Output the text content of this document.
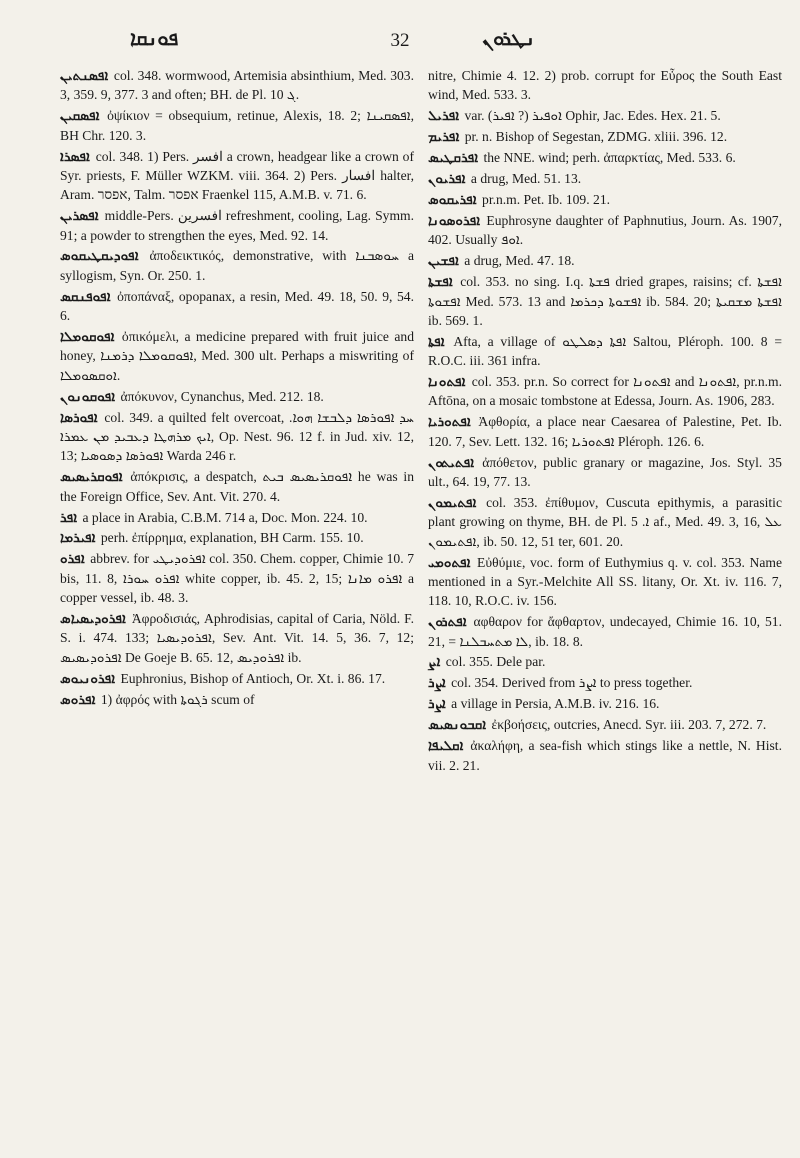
ܦܘܢܩܐ	32	ܢܛܪܘܢ

ܐܦܣܢܬܝܢ col. 348. wormwood, Artemisia absinthium, Med. 303. 3, 359. 9, 377. 3 and often; BH. de Pl. ܓ 10.

ܐܦܣܩܝܢ ὀψίκιον = obsequium, retinue, Alexis, 18. 2; ܐܦܣܩܝܢܐ, BH Chr. 120. 3.

ܐܦܣܪܐ col. 348. 1) Pers. افسر a crown, headgear like a crown of Syr. priests, F. Müller WZKM. viii. 364. 2) Pers. افسار halter, Aram. אפסר, Talm. אפסר Fraenkel 115, A.M.B. v. 71. 6.

ܐܦܣܪܝܢ middle-Pers. افسرين refreshment, cooling, Lag. Symm. 91; a powder to strengthen the eyes, Med. 92. 14.

ܐܦܘܕܝܩܛܝܩܘܣ ἀποδεικτικός, demonstrative, with ܚܘܣܒܢܐ a syllogism, Syn. Or. 250. 1.

ܐܦܘܦܢܩܣ ὀποπάναξ, opopanax, a resin, Med. 49. 18, 50. 9, 54. 6.

ܐܦܘܩܘܡܠܐ ὀπικόμελι, a medicine prepared with fruit juice and honey, ܐܦܘܩܘܡܠܐ ܕܪܡܢܐ, Med. 300 ult. Perhaps a miswriting of ܐܘܩܣܘܡܠܐ.

ܐܦܘܩܘܢܘܢ ἀπόκυνον, Cynanchus, Med. 212. 18.

ܐܦܘܪܣܐ col. 349. a quilted felt overcoat, .ܚܕ ܐܦܘܪܣܐ ܕܠܒܫܐ ܗܘܐ ܐܝܟ ܡܪܗܛܐ ܕܥܒܝܕ ܡܢ ܥܡܪܐ, Op. Nest. 96. 12 f. in Jud. xiv. 12, 13; ܐܦܘܪܣܐ ܕܣܘܣܝܐ Warda 246 r.

ܐܦܘܩܪܝܣܝܣ ἀπόκρισις, a despatch, ܐܦܘܩܪܝܣܝܣ ܒܝܬ he was in the Foreign Office, Sev. Ant. Vit. 270. 4.

ܐܦܪ a place in Arabia, C.B.M. 714 a, Doc. Mon. 224. 10.

ܐܦܝܪܡܐ perh. ἐπίρρημα, explanation, BH Carm. 155. 10.

ܐܦܪܘ abbrev. for ܐܦܪܘܕܝܛܝ col. 350. Chem. copper, Chimie 10. 7 bis, 11. 8, ܐܦܪܘ ܚܘܪܐ white copper, ib. 45. 2, 15; ܐܦܪܘ ܡܐܢܐ a copper vessel, ib. 48. 3.

ܐܦܪܘܕܝܣܝܐܣ Ἀφροδισιάς, Aphrodisias, capital of Caria, Nöld. F. S. i. 474. 133; ܐܦܪܘܕܝܣܝܐ, Sev. Ant. Vit. 14. 5, 36. 7, 12; ܐܦܪܘܕܝܣܝܣ De Goeje B. 65. 12, ܐܦܪܘܕܝܣ ib.

ܐܦܪܘܢܝܘܣ Euphronius, Bishop of Antioch, Or. Xt. i. 86. 17.

ܐܦܪܘܣ 1) ἀφρός with ܪܓܘܬܐ scum of

nitre, Chimie 4. 12. 2) prob. corrupt for Εὖρος the South East wind, Med. 533. 3.

ܐܦܪܝܠ var. ܐܘܦܝܪ (? ܐܦܝܪ) Ophir, Jac. Edes. Hex. 21. 5.

ܐܦܪܝܡ pr. n. Bishop of Segestan, ZDMG. xliii. 396. 12.

ܐܦܪܩܛܝܣ the NNE. wind; perh. ἀπαρκτίας, Med. 533. 6.

ܐܦܪܝܘܢ a drug, Med. 51. 13.

ܐܦܪܝܩܘܣ pr.n.m. Pet. Ib. 109. 21.

ܐܦܪܘܣܘܢܐ Euphrosyne daughter of Paphnutius, Journ. As. 1907, 402. Usually ܐܘܦ.

ܐܦܫܝܢ a drug, Med. 47. 18.

ܐܦܫܬܐ col. 353. no sing. I.q. ܦܫܬܐ dried grapes, raisins; cf. ܐܦܫܬܐ ܐܦܫܘܬܐ Med. 573. 13 and ܐܦܫܘܬܐ ܕܟܪܡܐ ib. 584. 20; ܐܦܫܬܐ ܡܫܩܝܬܐ ib. 569. 1.

ܐܦܬܐ Afta, a village of ܐܦܬܐ ܕܣܠܛܘ Saltou, Pléroph. 100. 8 = R.O.C. iii. 361 infra.

ܐܦܬܘܢܐ col. 353. pr.n. So correct for ܐܦܬܘܢܐ and ܐܦܬܘܢܐ, pr.n.m. Aftōna, on a mosaic tombstone at Edessa, Journ. As. 1906, 283.

ܐܦܬܘܪܝܐ Ἀφθορία, a place near Caesarea of Palestine, Pet. Ib. 120. 7, Sev. Lett. 132. 16; ܐܦܬܘܪܝܐ Pléroph. 126. 6.

ܐܦܬܝܬܘܢ ἀπόθετον, public granary or magazine, Jos. Styl. 35 ult., 64. 19, 77. 13.

ܐܦܬܝܡܘܢ col. 353. ἐπίθυμον, Cuscuta epithymis, a parasitic plant growing on thyme, BH. de Pl. ܐ. 5 af., Med. 49. 3, 16, ܥܠ ܐܦܬܝܡܘܢ, ib. 50. 12, 51 ter, 601. 20.

ܐܦܬܘܡܝ Εὐθύμιε, voc. form of Euthymius q. v. col. 353. Name mentioned in a Syr.-Melchite All SS. litany, Or. Xt. iv. 116. 7, 118. 10, R.O.C. iv. 156.

ܐܦܬܪܘܢ αφθαρον for ἄφθαρτον, undecayed, Chimie 16. 10, 51. 21, = ܠܐ ܡܬܚܒܠܢܐ, ib. 18. 8.

ܐܨ col. 355. Dele par.

ܐܨܪ col. 354. Derived from ܐܨܪ to press together.

ܐܨܪ a village in Persia, A.M.B. iv. 216. 16.

ܐܩܒܘܢܣܝܣ ἐκβοήσεις, outcries, Anecd. Syr. iii. 203. 7, 272. 7.

ܐܩܠܝܦܐ ἀκαλήφη, a sea-fish which stings like a nettle, N. Hist. vii. 2. 21.
